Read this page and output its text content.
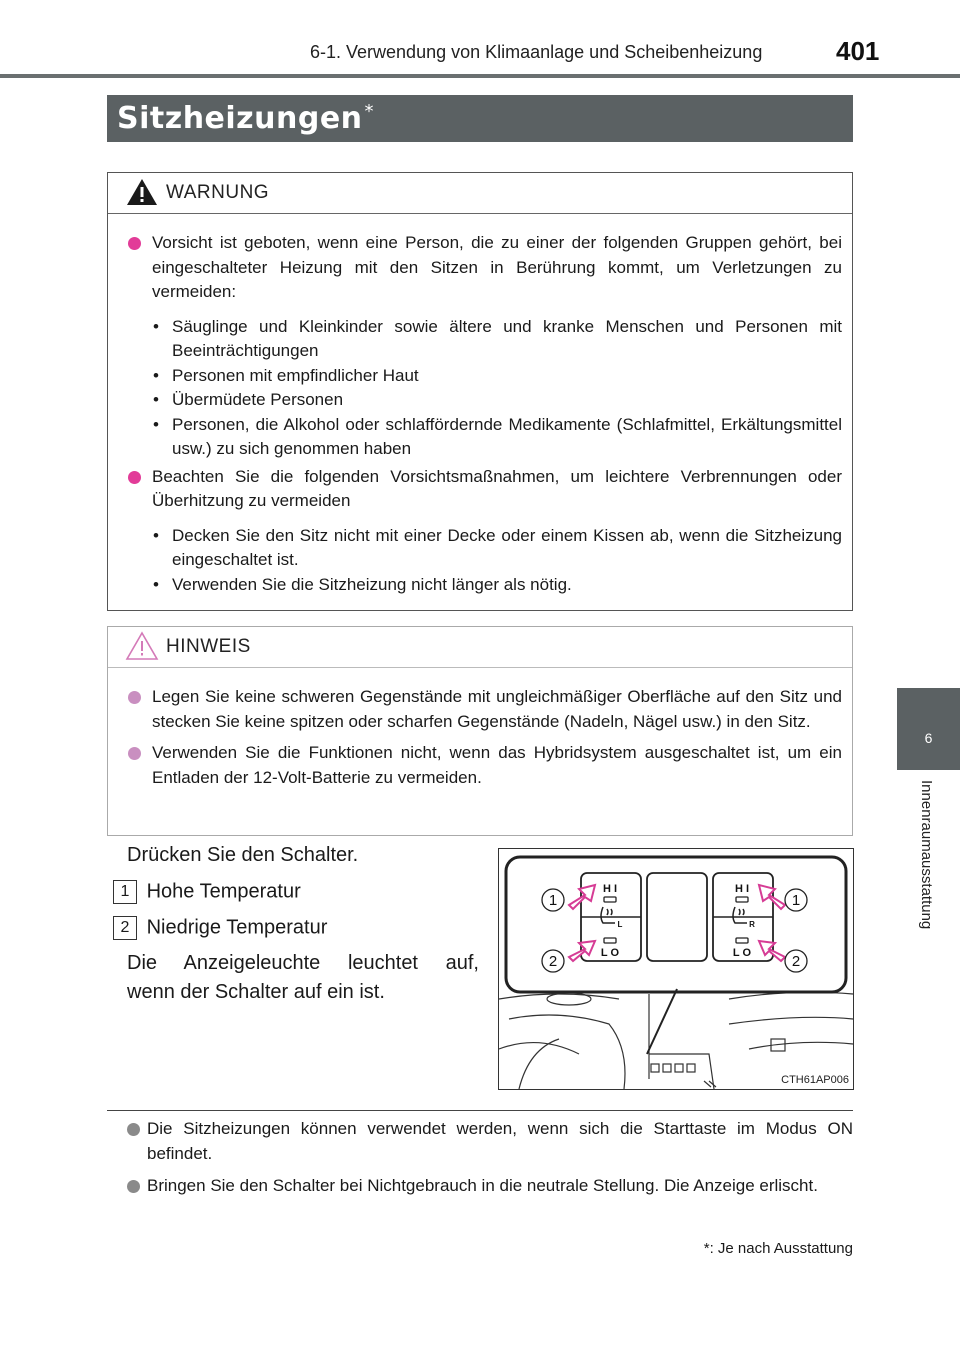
6-1. Verwendung von Klimaanlage und Scheibenheizung	401
6
Innenraumausstattung
Sitzheizungen *
WARNUNG
Vorsicht ist geboten, wenn eine Person, die zu einer der folgenden Gruppen gehört, bei eingeschalteter Heizung mit den Sitzen in Berührung kommt, um Verletzungen zu vermeiden:
• Säuglinge und Kleinkinder sowie ältere und kranke Menschen und Personen mit Beeinträchtigungen
• Personen mit empfindlicher Haut
• Übermüdete Personen
• Personen, die Alkohol oder schlaffördernde Medikamente (Schlafmittel, Erkältungsmittel usw.) zu sich genommen haben
Beachten Sie die folgenden Vorsichtsmaßnahmen, um leichtere Verbrennungen oder Überhitzung zu vermeiden
• Decken Sie den Sitz nicht mit einer Decke oder einem Kissen ab, wenn die Sitzheizung eingeschaltet ist.
• Verwenden Sie die Sitzheizung nicht länger als nötig.
HINWEIS
Legen Sie keine schweren Gegenstände mit ungleichmäßiger Oberfläche auf den Sitz und stecken Sie keine spitzen oder scharfen Gegenstände (Nadeln, Nägel usw.) in den Sitz.
Verwenden Sie die Funktionen nicht, wenn das Hybridsystem ausgeschaltet ist, um ein Entladen der 12-Volt-Batterie zu vermeiden.
Drücken Sie den Schalter.
1 Hohe Temperatur
2 Niedrige Temperatur
Die Anzeigeleuchte leuchtet auf,
wenn der Schalter auf ein ist.
1
2
1
2
H I
L O
H I
L O
L	R
CTH61AP006
Die Sitzheizungen können verwendet werden, wenn sich die Starttaste im Modus ON befindet.
Bringen Sie den Schalter bei Nichtgebrauch in die neutrale Stellung. Die Anzeige erlischt.
*: Je nach Ausstattung
